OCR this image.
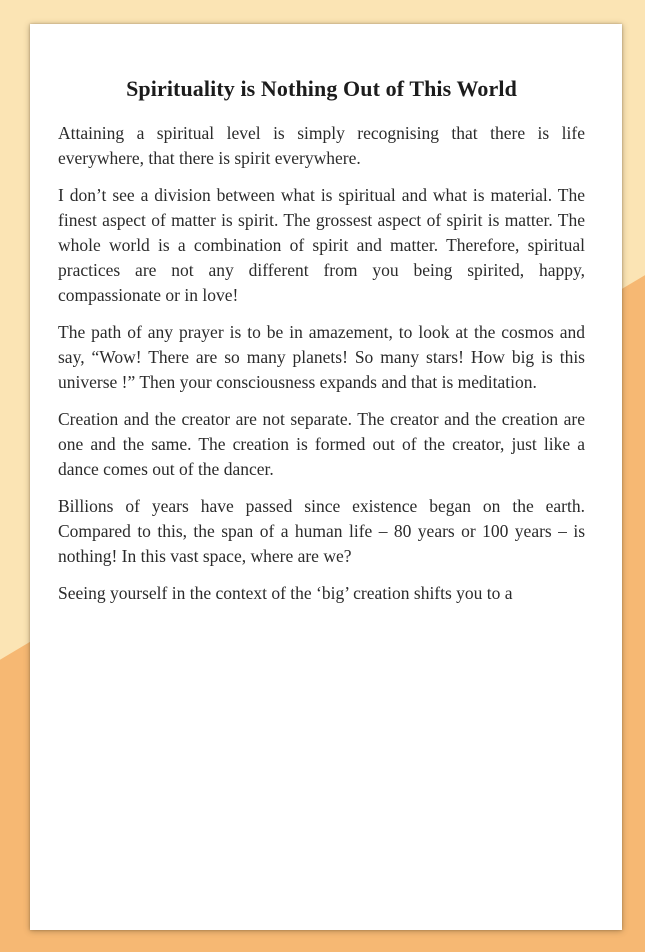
Spirituality is Nothing Out of This World

Attaining a spiritual level is simply recognising that there is life everywhere, that there is spirit everywhere.

I don’t see a division between what is spiritual and what is material. The finest aspect of matter is spirit. The grossest aspect of spirit is matter. The whole world is a combination of spirit and matter. Therefore, spiritual practices are not any different from you being spirited, happy, compassionate or in love!

The path of any prayer is to be in amazement, to look at the cosmos and say, “Wow! There are so many planets! So many stars! How big is this universe !” Then your consciousness expands and that is meditation.

Creation and the creator are not separate. The creator and the creation are one and the same. The creation is formed out of the creator, just like a dance comes out of the dancer.

Billions of years have passed since existence began on the earth. Compared to this, the span of a human life – 80 years or 100 years – is nothing! In this vast space, where are we?

Seeing yourself in the context of the ‘big’ creation shifts you to a
